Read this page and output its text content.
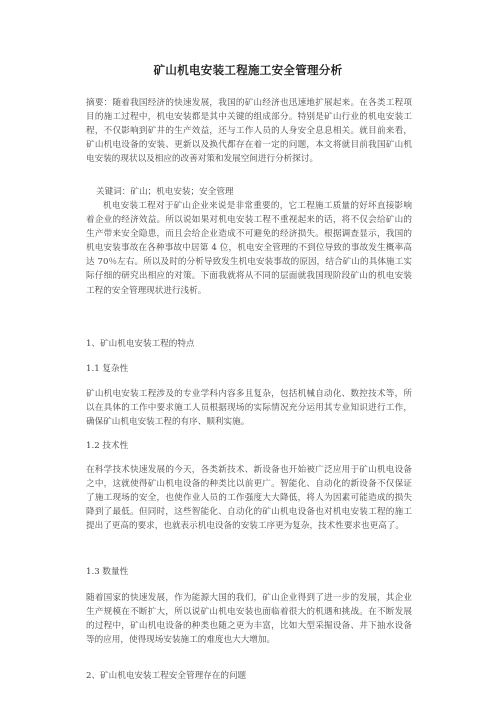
矿山机电安装工程施工安全管理分析

摘要：随着我国经济的快速发展，我国的矿山经济也迅速地扩展起来。在各类工程项目的施工过程中，机电安装都是其中关键的组成部分。特别是矿山行业的机电安装工程，不仅影响到矿井的生产效益，还与工作人员的人身安全息息相关。就目前来看，矿山机电设备的安装、更新以及换代都存在着一定的问题，本文将就目前我国矿山机电安装的现状以及相应的改善对策和发展空间进行分析探讨。

关键词：矿山；机电安装；安全管理

机电安装工程对于矿山企业来说是非常重要的，它工程施工质量的好坏直接影响着企业的经济效益。所以说如果对机电安装工程不重视起来的话，将不仅会给矿山的生产带来安全隐患，而且会给企业造成不可避免的经济损失。根据调查显示，我国的机电安装事故在各种事故中居第 4 位，机电安全管理的不到位导致的事故发生概率高达 70％左右。所以及时的分析导致发生机电安装事故的原因，结合矿山的具体施工实际仔细的研究出相应的对策。下面我就将从不同的层面就我国现阶段矿山的机电安装工程的安全管理现状进行浅析。

1、矿山机电安装工程的特点

1.1 复杂性

矿山机电安装工程涉及的专业学科内容多且复杂，包括机械自动化、数控技术等，所以在具体的工作中要求施工人员根据现场的实际情况充分运用其专业知识进行工作，确保矿山机电安装工程的有序、顺利实施。

1.2 技术性

在科学技术快速发展的今天，各类新技术、新设备也开始被广泛应用于矿山机电设备之中，这就使得矿山机电设备的种类比以前更广。智能化、自动化的新设备不仅保证了施工现场的安全，也使作业人员的工作强度大大降低，将人为因素可能造成的损失降到了最低。但同时，这些智能化、自动化的矿山机电设备也对机电安装工程的施工提出了更高的要求，也就表示机电设备的安装工序更为复杂，技术性要求也更高了。

1.3 数量性

随着国家的快速发展，作为能源大国的我们，矿山企业得到了进一步的发展，其企业生产规模在不断扩大，所以说矿山机电安装也面临着很大的机遇和挑战。在不断发展的过程中，矿山机电设备的种类也随之更为丰富，比如大型采掘设备、井下抽水设备等的应用，使得现场安装施工的难度也大大增加。

2、矿山机电安装工程安全管理存在的问题
